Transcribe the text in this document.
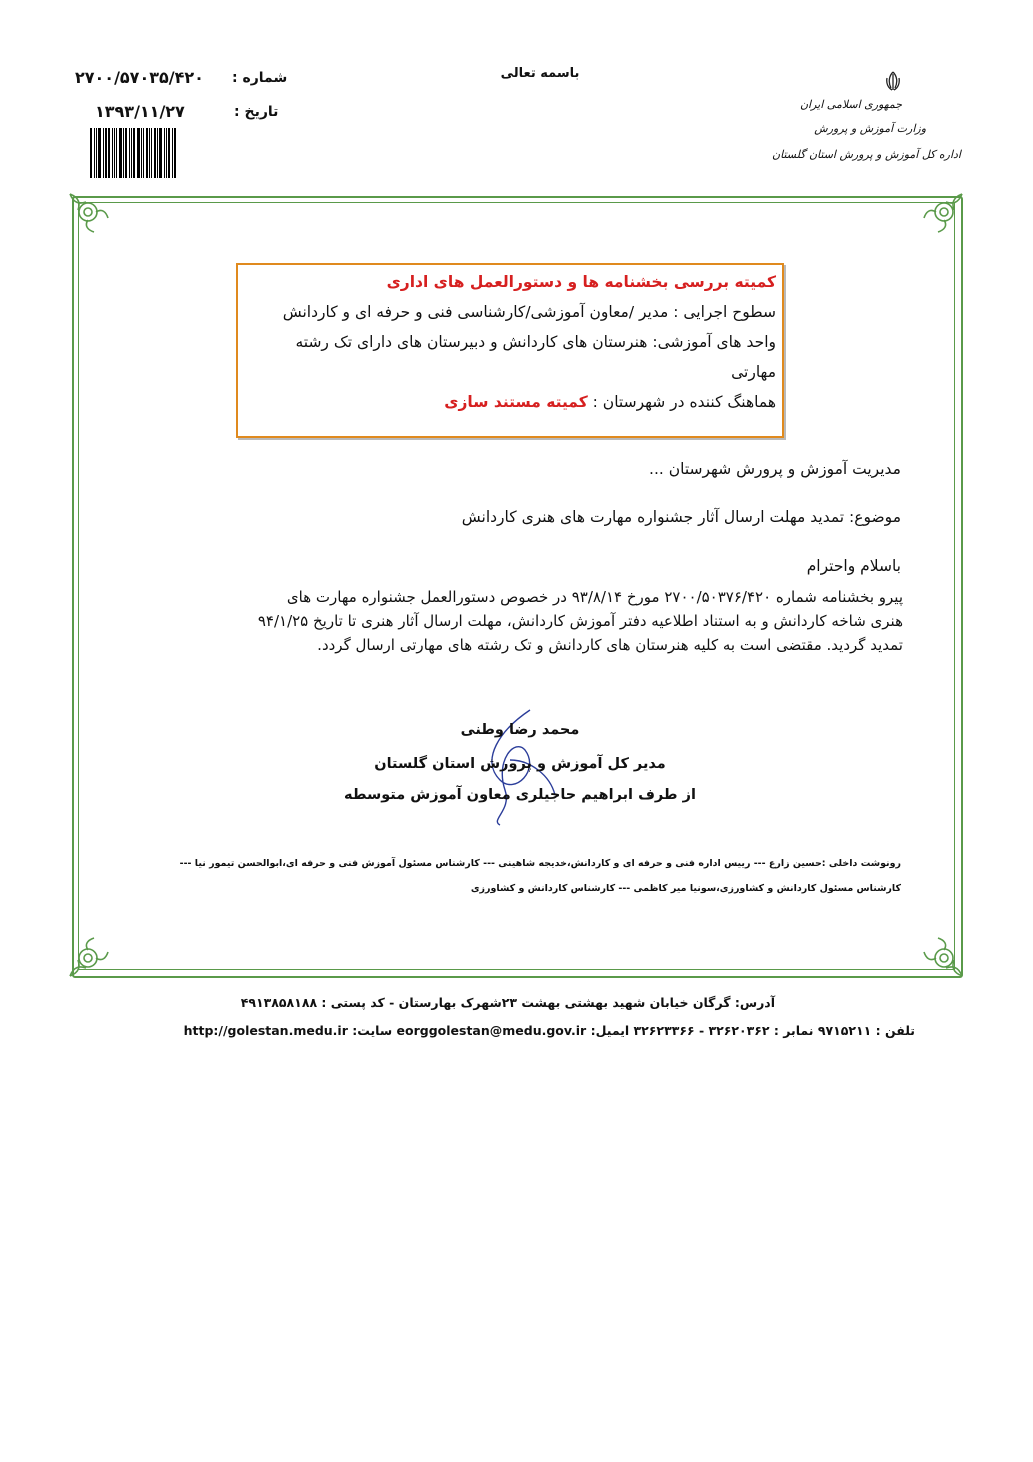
باسمه تعالی
شماره :
۲۷۰۰/۵۷۰۳۵/۴۲۰
تاریخ :
۱۳۹۳/۱۱/۲۷	جمهوری اسلامی ایران
وزارت آموزش و پرورش
اداره کل آموزش و پرورش استان گلستان
کمیته بررسی بخشنامه ها و دستورالعمل های اداری
سطوح اجرایی : مدیر /معاون آموزشی/کارشناسی فنی و حرفه ای و کاردانش
واحد های آموزشی: هنرستان های کاردانش و دبیرستان های دارای تک رشته
مهارتی
هماهنگ کننده در شهرستان : کمیته مستند سازی
مدیریت آموزش و پرورش شهرستان ...
موضوع: تمدید مهلت ارسال آثار جشنواره مهارت های هنری کاردانش
باسلام واحترام
پیرو بخشنامه شماره ۲۷۰۰/۵۰۳۷۶/۴۲۰ مورخ ۹۳/۸/۱۴ در خصوص دستورالعمل جشنواره مهارت های
هنری شاخه کاردانش و به استناد اطلاعیه دفتر آموزش کاردانش، مهلت ارسال آثار هنری تا تاریخ ۹۴/۱/۲۵
تمدید گردید. مقتضی است به کلیه هنرستان های کاردانش و تک رشته های مهارتی ارسال گردد.
محمد رضا وطنی
مدیر کل آموزش و پرورش استان گلستان
از طرف ابراهیم حاجیلری معاون آموزش متوسطه
رونوشت داخلی :حسین زارع --- رییس اداره فنی و حرفه ای و کاردانش،خدیجه شاهینی --- کارشناس مسئول آموزش فنی و حرفه ای،ابوالحسن تیمور نیا ---
کارشناس مسئول کاردانش و کشاورزی،سونیا میر کاظمی --- کارشناس کاردانش و کشاورزی
آدرس: گرگان خیابان شهید بهشتی بهشت ۲۳شهرک بهارستان - کد پستی : ۴۹۱۳۸۵۸۱۸۸
تلفن : ۹۷۱۵۲۱۱ نمابر : ۳۲۶۲۰۳۶۲ - ۳۲۶۲۳۳۶۶ ایمیل: eorggolestan@medu.gov.ir سایت: http://golestan.medu.ir
